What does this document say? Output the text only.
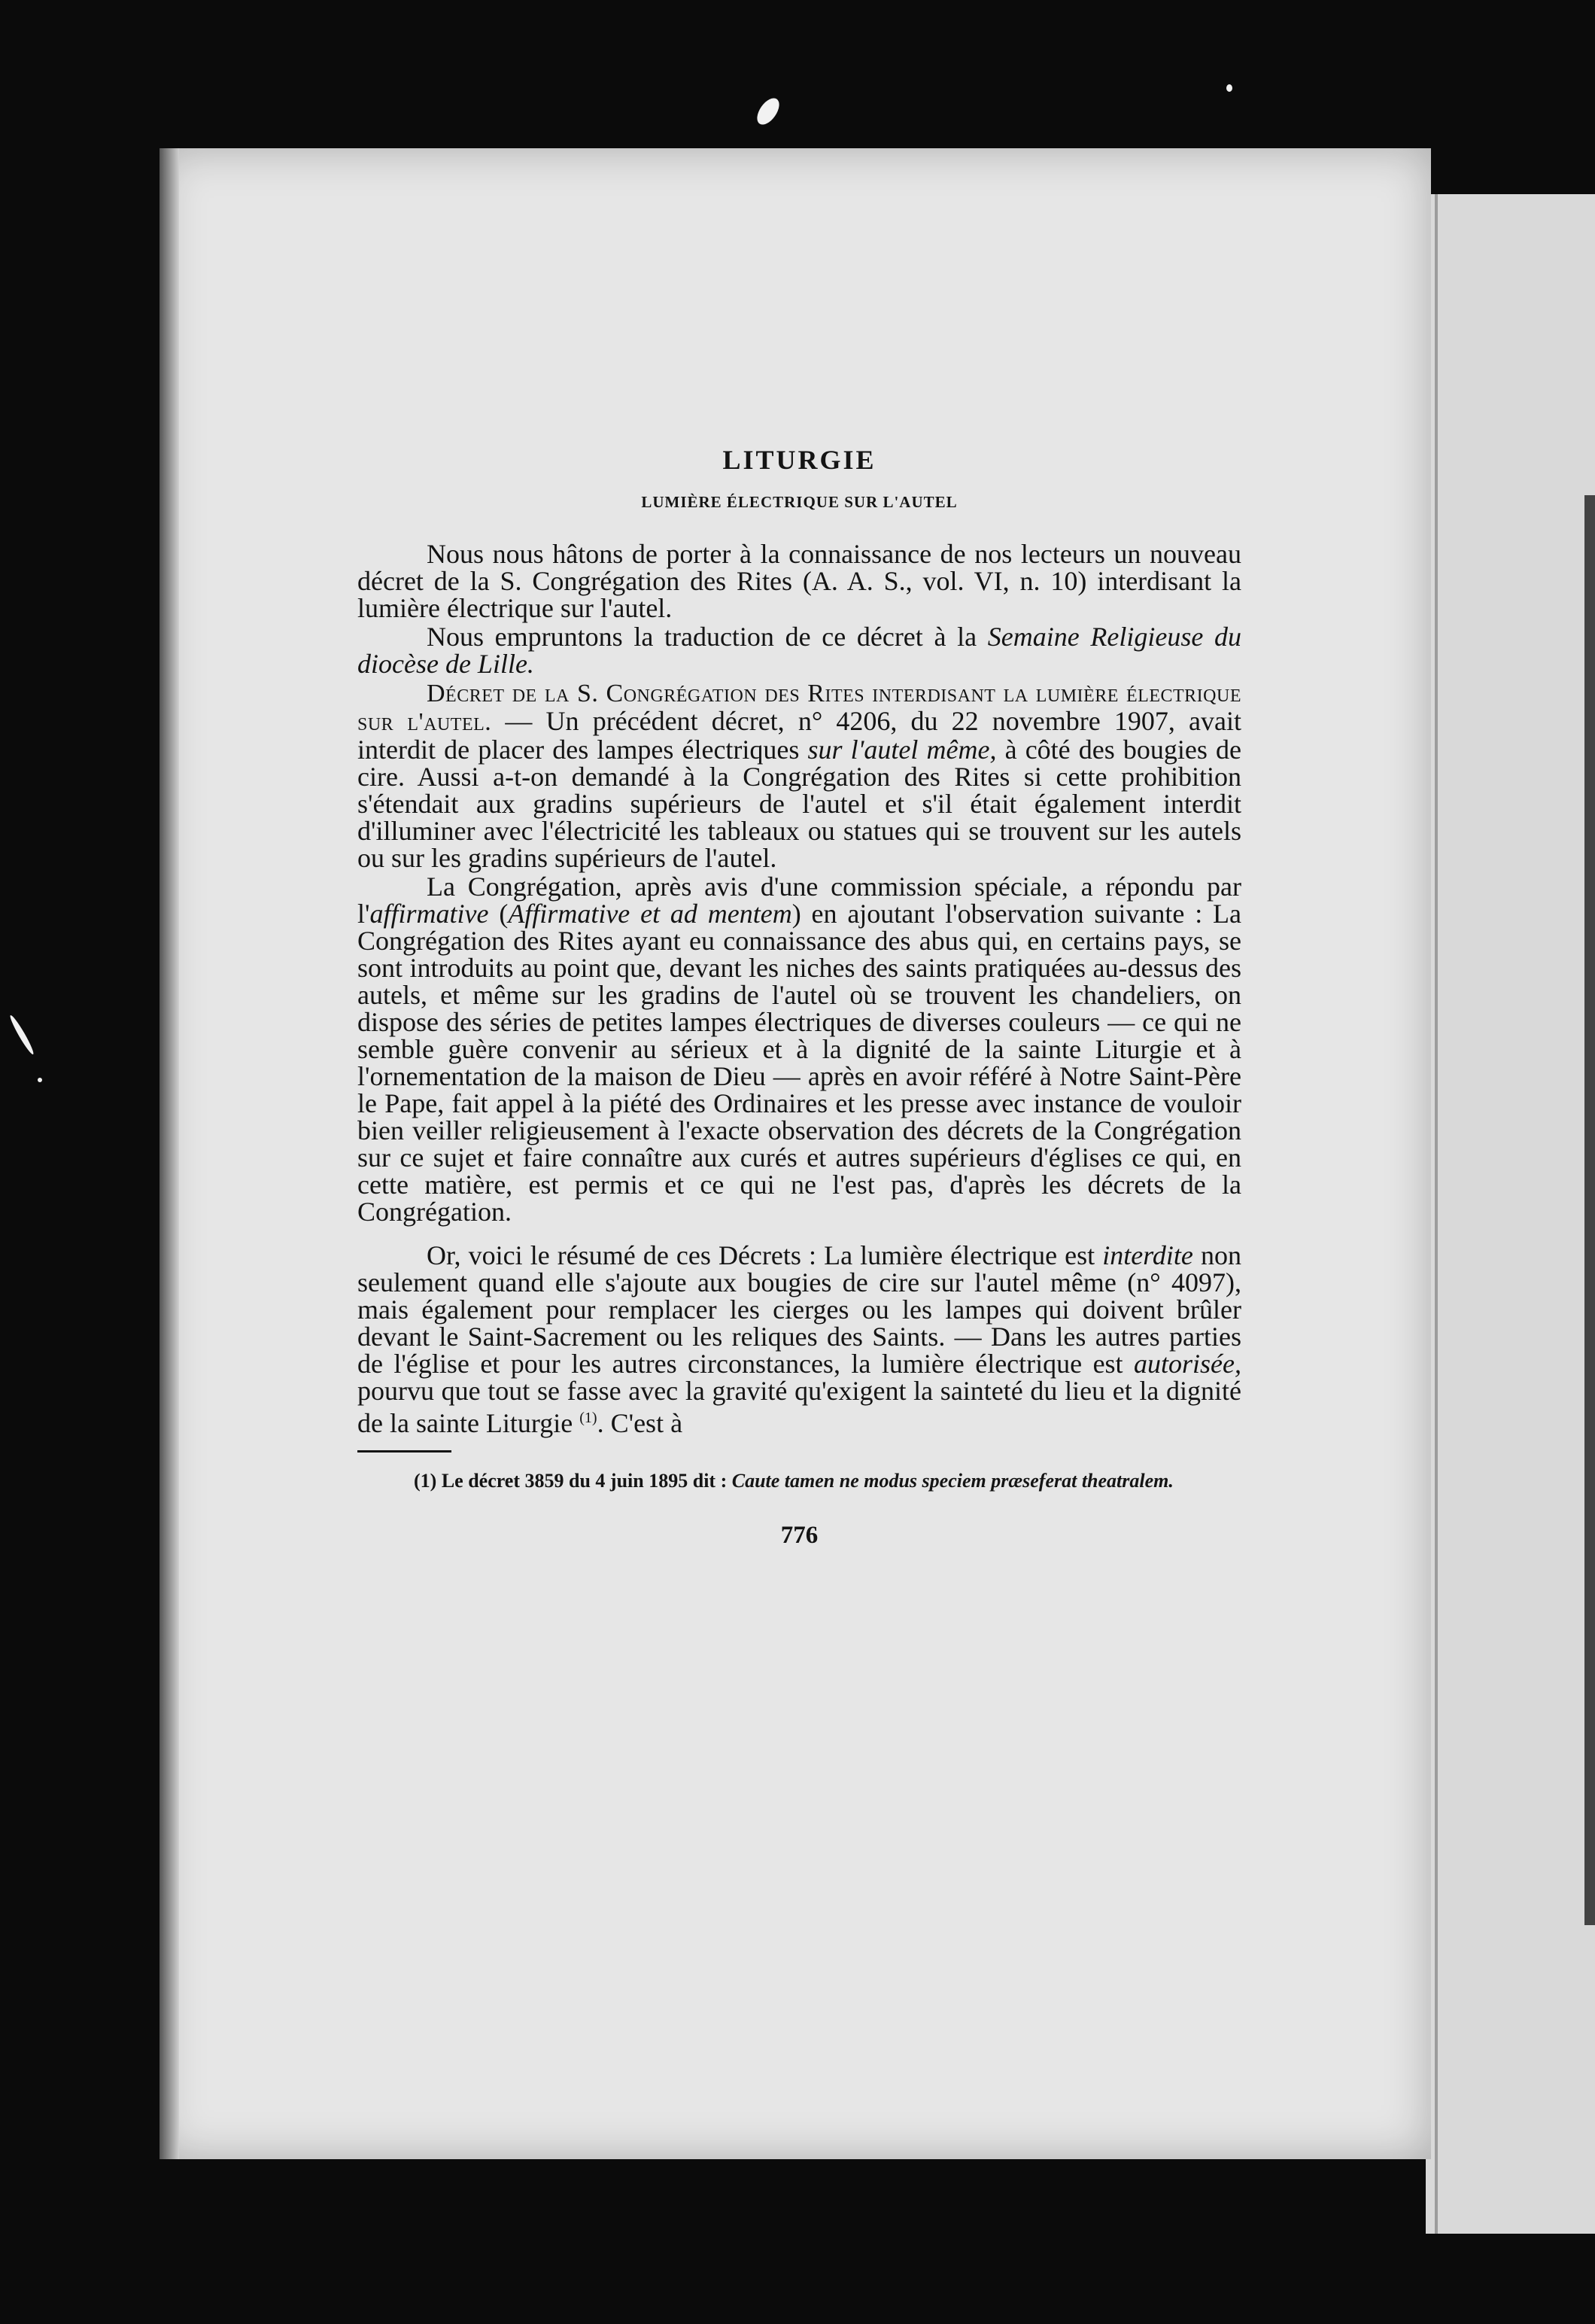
LITURGIE
LUMIÈRE ÉLECTRIQUE SUR L'AUTEL

Nous nous hâtons de porter à la connaissance de nos lecteurs un nouveau décret de la S. Congrégation des Rites (A. A. S., vol. VI, n. 10) interdisant la lumière électrique sur l'autel.

Nous empruntons la traduction de ce décret à la Semaine Religieuse du diocèse de Lille.

Décret de la S. Congrégation des Rites interdisant la lumière électrique sur l'autel. — Un précédent décret, n° 4206, du 22 novembre 1907, avait interdit de placer des lampes électriques sur l'autel même, à côté des bougies de cire. Aussi a-t-on demandé à la Congrégation des Rites si cette prohibition s'étendait aux gradins supérieurs de l'autel et s'il était également interdit d'illuminer avec l'électricité les tableaux ou statues qui se trouvent sur les autels ou sur les gradins supérieurs de l'autel.

La Congrégation, après avis d'une commission spéciale, a répondu par l'affirmative (Affirmative et ad mentem) en ajoutant l'observation suivante : La Congrégation des Rites ayant eu connaissance des abus qui, en certains pays, se sont introduits au point que, devant les niches des saints pratiquées au-dessus des autels, et même sur les gradins de l'autel où se trouvent les chandeliers, on dispose des séries de petites lampes électriques de diverses couleurs — ce qui ne semble guère convenir au sérieux et à la dignité de la sainte Liturgie et à l'ornementation de la maison de Dieu — après en avoir référé à Notre Saint-Père le Pape, fait appel à la piété des Ordinaires et les presse avec instance de vouloir bien veiller religieusement à l'exacte observation des décrets de la Congrégation sur ce sujet et faire connaître aux curés et autres supérieurs d'églises ce qui, en cette matière, est permis et ce qui ne l'est pas, d'après les décrets de la Congrégation.

Or, voici le résumé de ces Décrets : La lumière électrique est interdite non seulement quand elle s'ajoute aux bougies de cire sur l'autel même (n° 4097), mais également pour remplacer les cierges ou les lampes qui doivent brûler devant le Saint-Sacrement ou les reliques des Saints. — Dans les autres parties de l'église et pour les autres circonstances, la lumière électrique est autorisée, pourvu que tout se fasse avec la gravité qu'exigent la sainteté du lieu et la dignité de la sainte Liturgie $^{(1)}$. C'est à

(1) Le décret 3859 du 4 juin 1895 dit : Caute tamen ne modus speciem præseferat theatralem.

776
